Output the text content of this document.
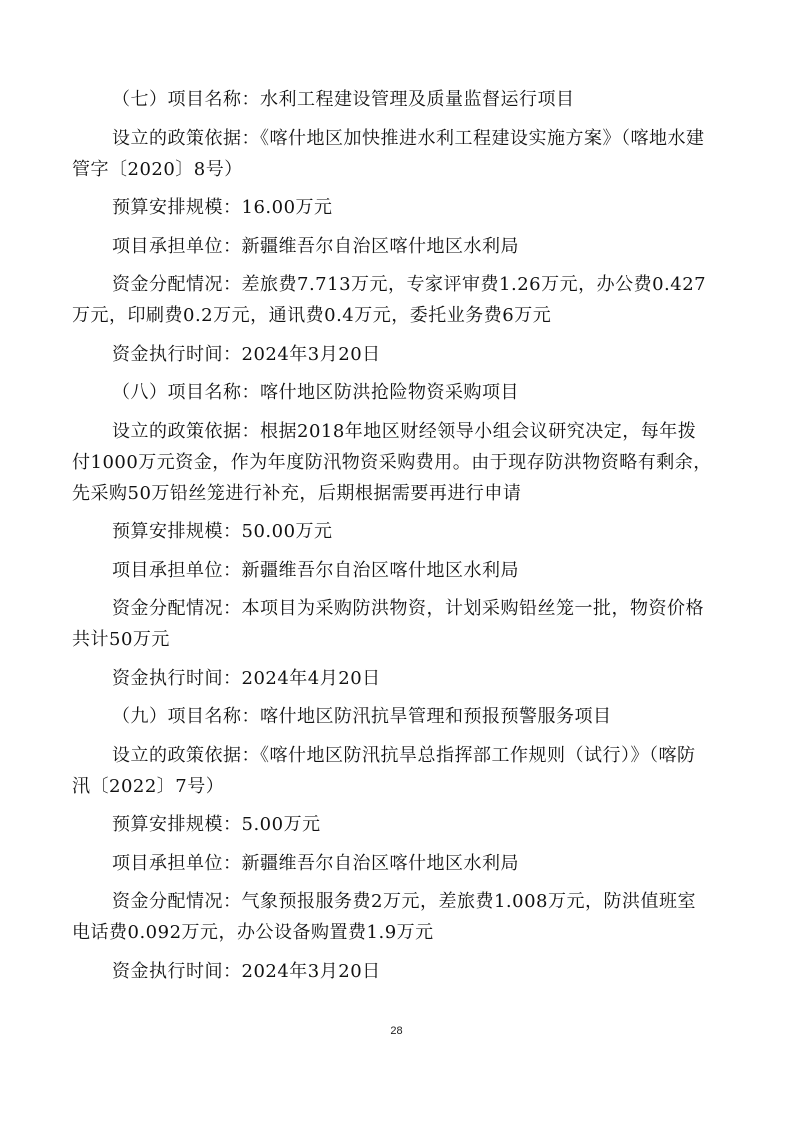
（七）项目名称：水利工程建设管理及质量监督运行项目
设立的政策依据：《喀什地区加快推进水利工程建设实施方案》（喀地水建
管字〔2020〕8号）
预算安排规模：16.00万元
项目承担单位：新疆维吾尔自治区喀什地区水利局
资金分配情况：差旅费7.713万元，专家评审费1.26万元，办公费0.427
万元，印刷费0.2万元，通讯费0.4万元，委托业务费6万元
资金执行时间：2024年3月20日
（八）项目名称：喀什地区防洪抢险物资采购项目
设立的政策依据：根据2018年地区财经领导小组会议研究决定，每年拨
付1000万元资金，作为年度防汛物资采购费用。由于现存防洪物资略有剩余，
先采购50万铅丝笼进行补充，后期根据需要再进行申请
预算安排规模：50.00万元
项目承担单位：新疆维吾尔自治区喀什地区水利局
资金分配情况：本项目为采购防洪物资，计划采购铅丝笼一批，物资价格
共计50万元
资金执行时间：2024年4月20日
（九）项目名称：喀什地区防汛抗旱管理和预报预警服务项目
设立的政策依据：《喀什地区防汛抗旱总指挥部工作规则（试行）》（喀防
汛〔2022〕7号）
预算安排规模：5.00万元
项目承担单位：新疆维吾尔自治区喀什地区水利局
资金分配情况：气象预报服务费2万元，差旅费1.008万元，防洪值班室
电话费0.092万元，办公设备购置费1.9万元
资金执行时间：2024年3月20日
28
